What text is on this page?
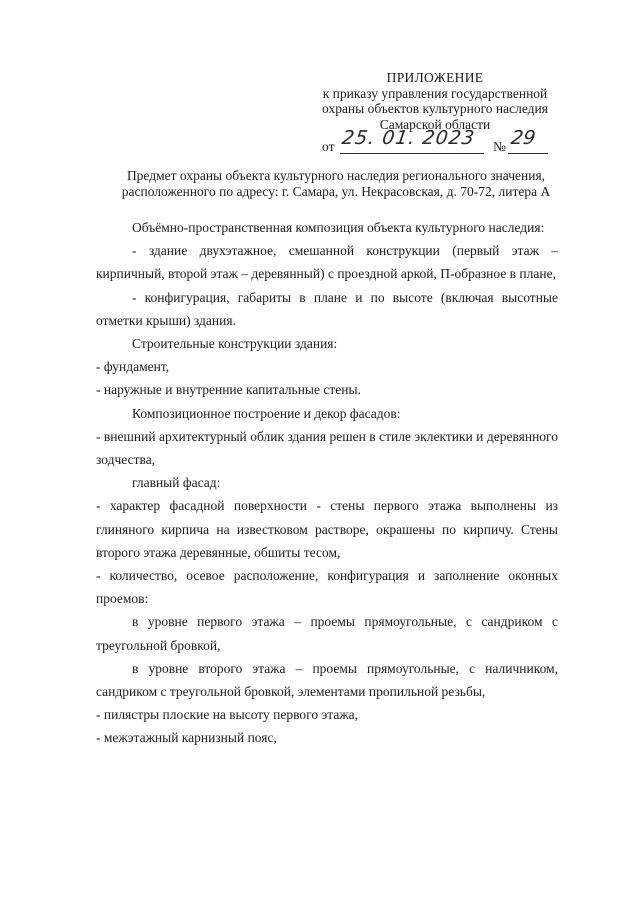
ПРИЛОЖЕНИЕ
к приказу управления государственной
охраны объектов культурного наследия
Самарской области
от 25. 01. 2023 № 29
Предмет охраны объекта культурного наследия регионального значения,
расположенного по адресу: г. Самара, ул. Некрасовская, д. 70-72, литера А

Объёмно-пространственная композиция объекта культурного наследия:

- здание двухэтажное, смешанной конструкции (первый этаж – кирпичный, второй этаж – деревянный) с проездной аркой, П-образное в плане,

- конфигурация, габариты в плане и по высоте (включая высотные отметки крыши) здания.

Строительные конструкции здания:

- фундамент,

- наружные и внутренние капитальные стены.

Композиционное построение и декор фасадов:

- внешний архитектурный облик здания решен в стиле эклектики и деревянного зодчества,

главный фасад:

- характер фасадной поверхности - стены первого этажа выполнены из глиняного кирпича на известковом растворе, окрашены по кирпичу. Стены второго этажа деревянные, обшиты тесом,

- количество, осевое расположение, конфигурация и заполнение оконных проемов:

в уровне первого этажа – проемы прямоугольные, с сандриком с треугольной бровкой,

в уровне второго этажа – проемы прямоугольные, с наличником, сандриком с треугольной бровкой, элементами пропильной резьбы,

- пилястры плоские на высоту первого этажа,

- межэтажный карнизный пояс,
